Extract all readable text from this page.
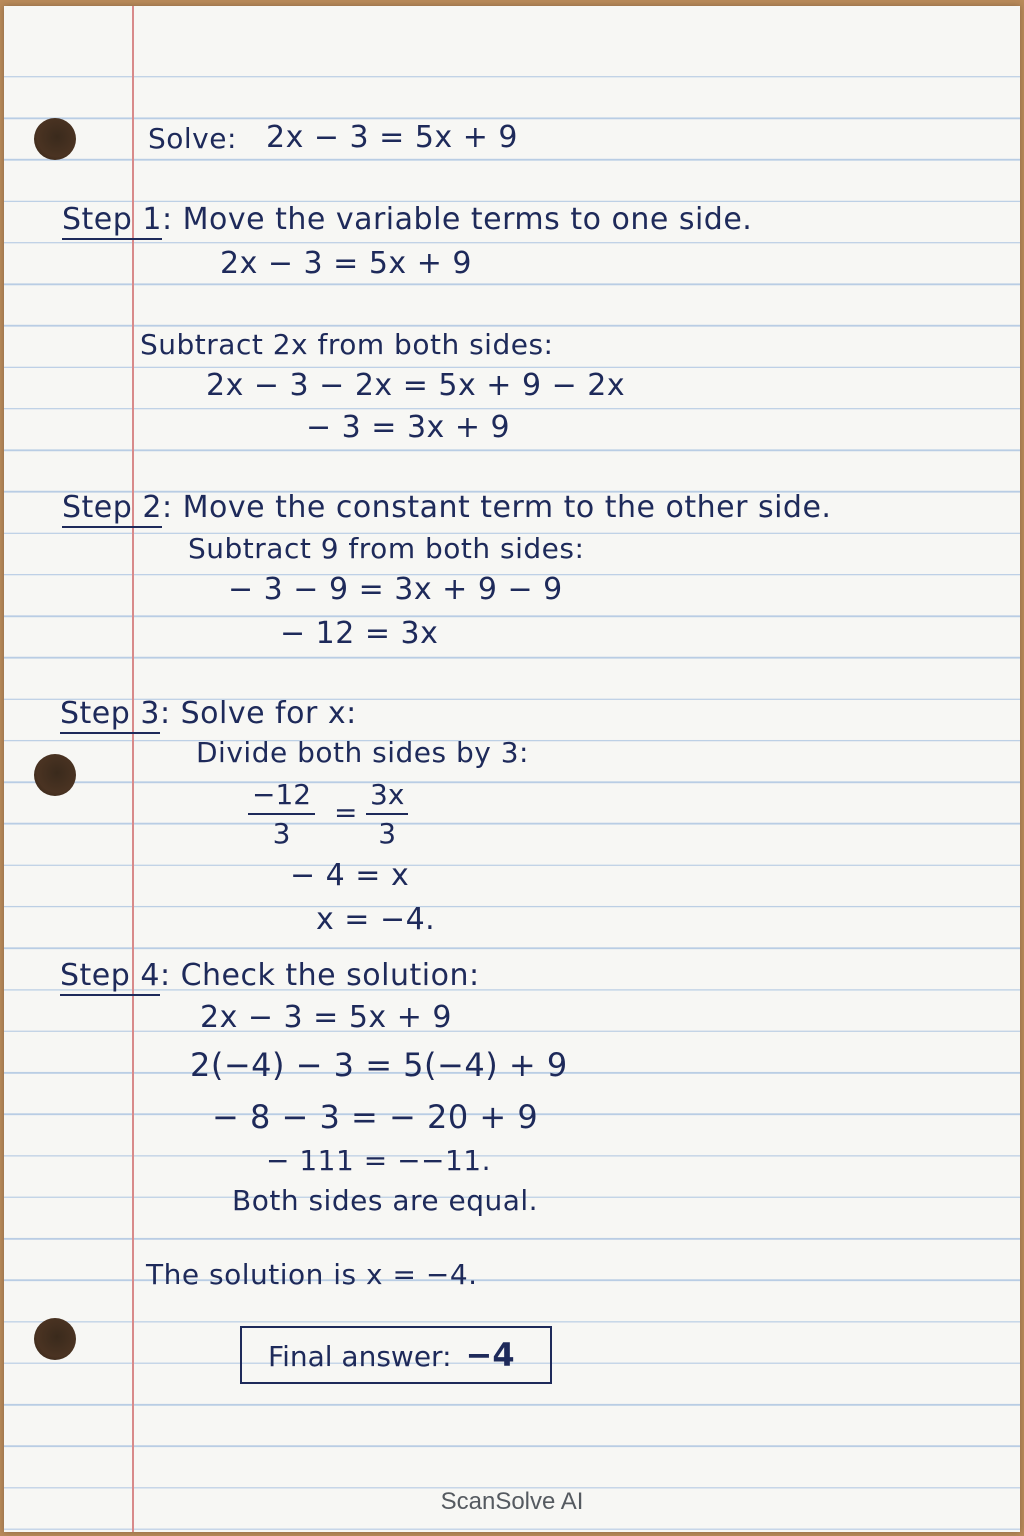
Solve: 2x − 3 = 5x + 9
Step 1: Move the variable terms to one side.
2x − 3 = 5x + 9
Subtract 2x from both sides:
2x − 3 − 2x = 5x + 9 − 2x
− 3 = 3x + 9
Step 2: Move the constant term to the other side.
Subtract 9 from both sides:
− 3 − 9 = 3x + 9 − 9
− 12 = 3x
Step 3: Solve for x:
Divide both sides by 3:
$\frac{-12}{3} = \frac{3x}{3}$
− 4 = x
x = −4.
Step 4: Check the solution:
2x − 3 = 5x + 9
2(−4) − 3 = 5(−4) + 9
− 8 − 3 = − 20 + 9
− 111 = −−11.
Both sides are equal.
The solution is x = −4.
Final answer: −4
ScanSolve AI
